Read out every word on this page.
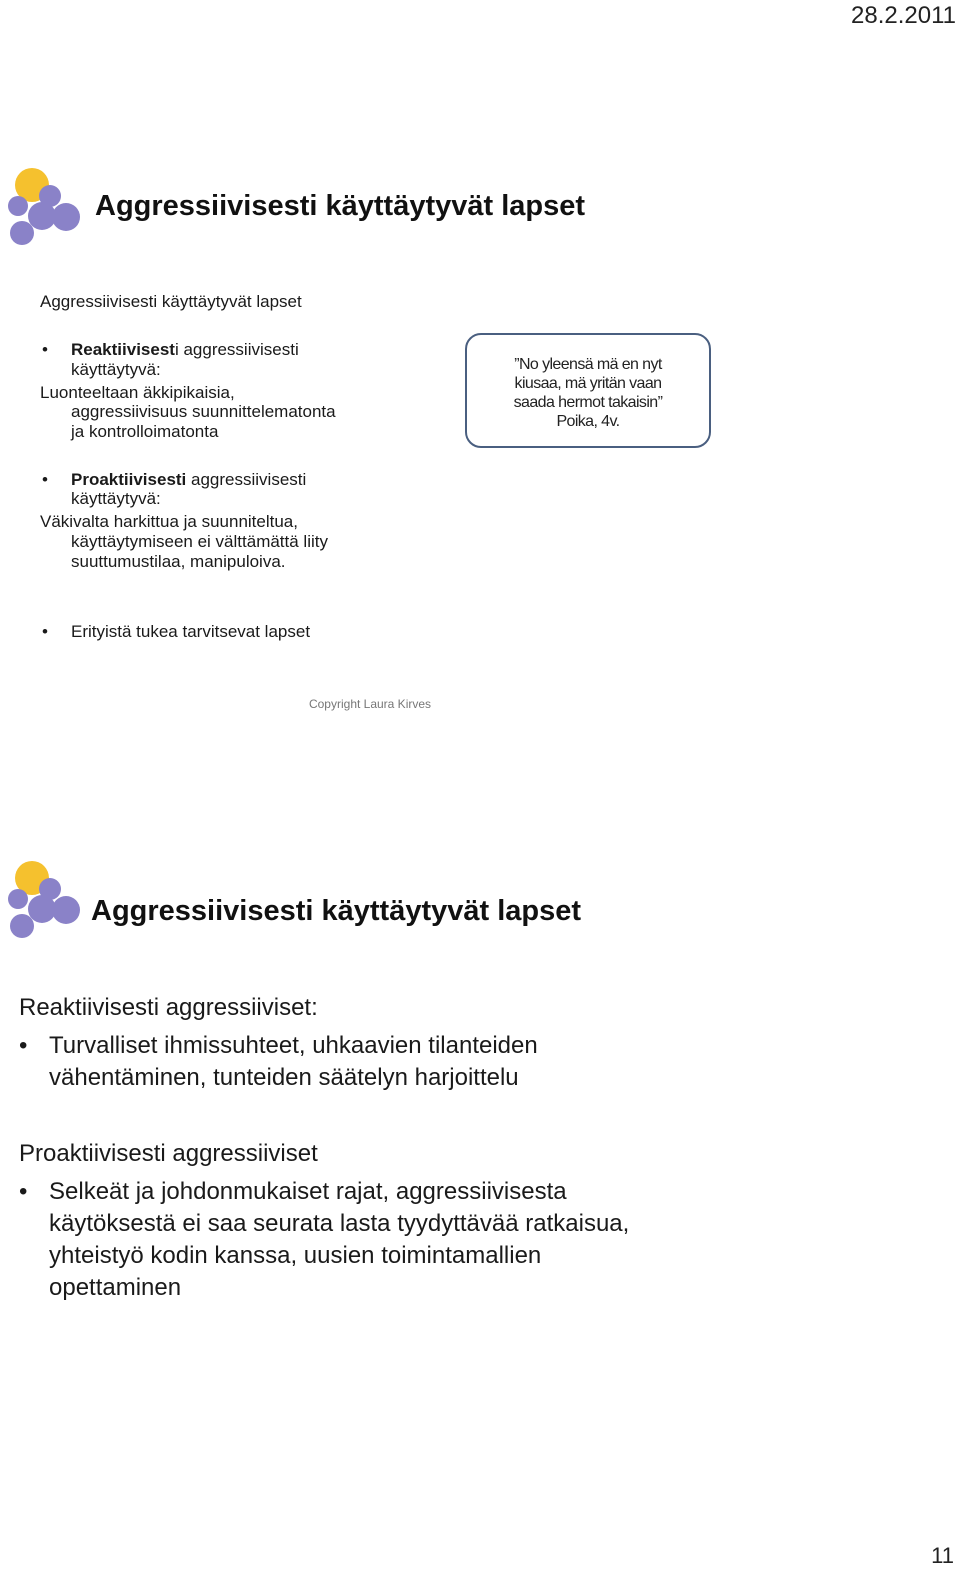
28.2.2011
Aggressiivisesti käyttäytyvät lapset
Aggressiivisesti käyttäytyvät lapset
• Reaktiivisesti aggressiivisesti
käyttäytyvä:
Luonteeltaan äkkipikaisia,
aggressiivisuus suunnittelematonta
ja kontrolloimatonta
• Proaktiivisesti aggressiivisesti
käyttäytyvä:
Väkivalta harkittua ja suunniteltua,
käyttäytymiseen ei välttämättä liity
suuttumustilaa, manipuloiva.
• Erityistä tukea tarvitsevat lapset
”No yleensä mä en nyt
kiusaa, mä yritän vaan
saada hermot takaisin”
Poika, 4v.
Copyright Laura Kirves
Aggressiivisesti käyttäytyvät lapset
Reaktiivisesti aggressiiviset:
• Turvalliset ihmissuhteet, uhkaavien tilanteiden
vähentäminen, tunteiden säätelyn harjoittelu
Proaktiivisesti aggressiiviset
• Selkeät ja johdonmukaiset rajat, aggressiivisesta
käytöksestä ei saa seurata lasta tyydyttävää ratkaisua,
yhteistyö kodin kanssa, uusien toimintamallien
opettaminen
11
